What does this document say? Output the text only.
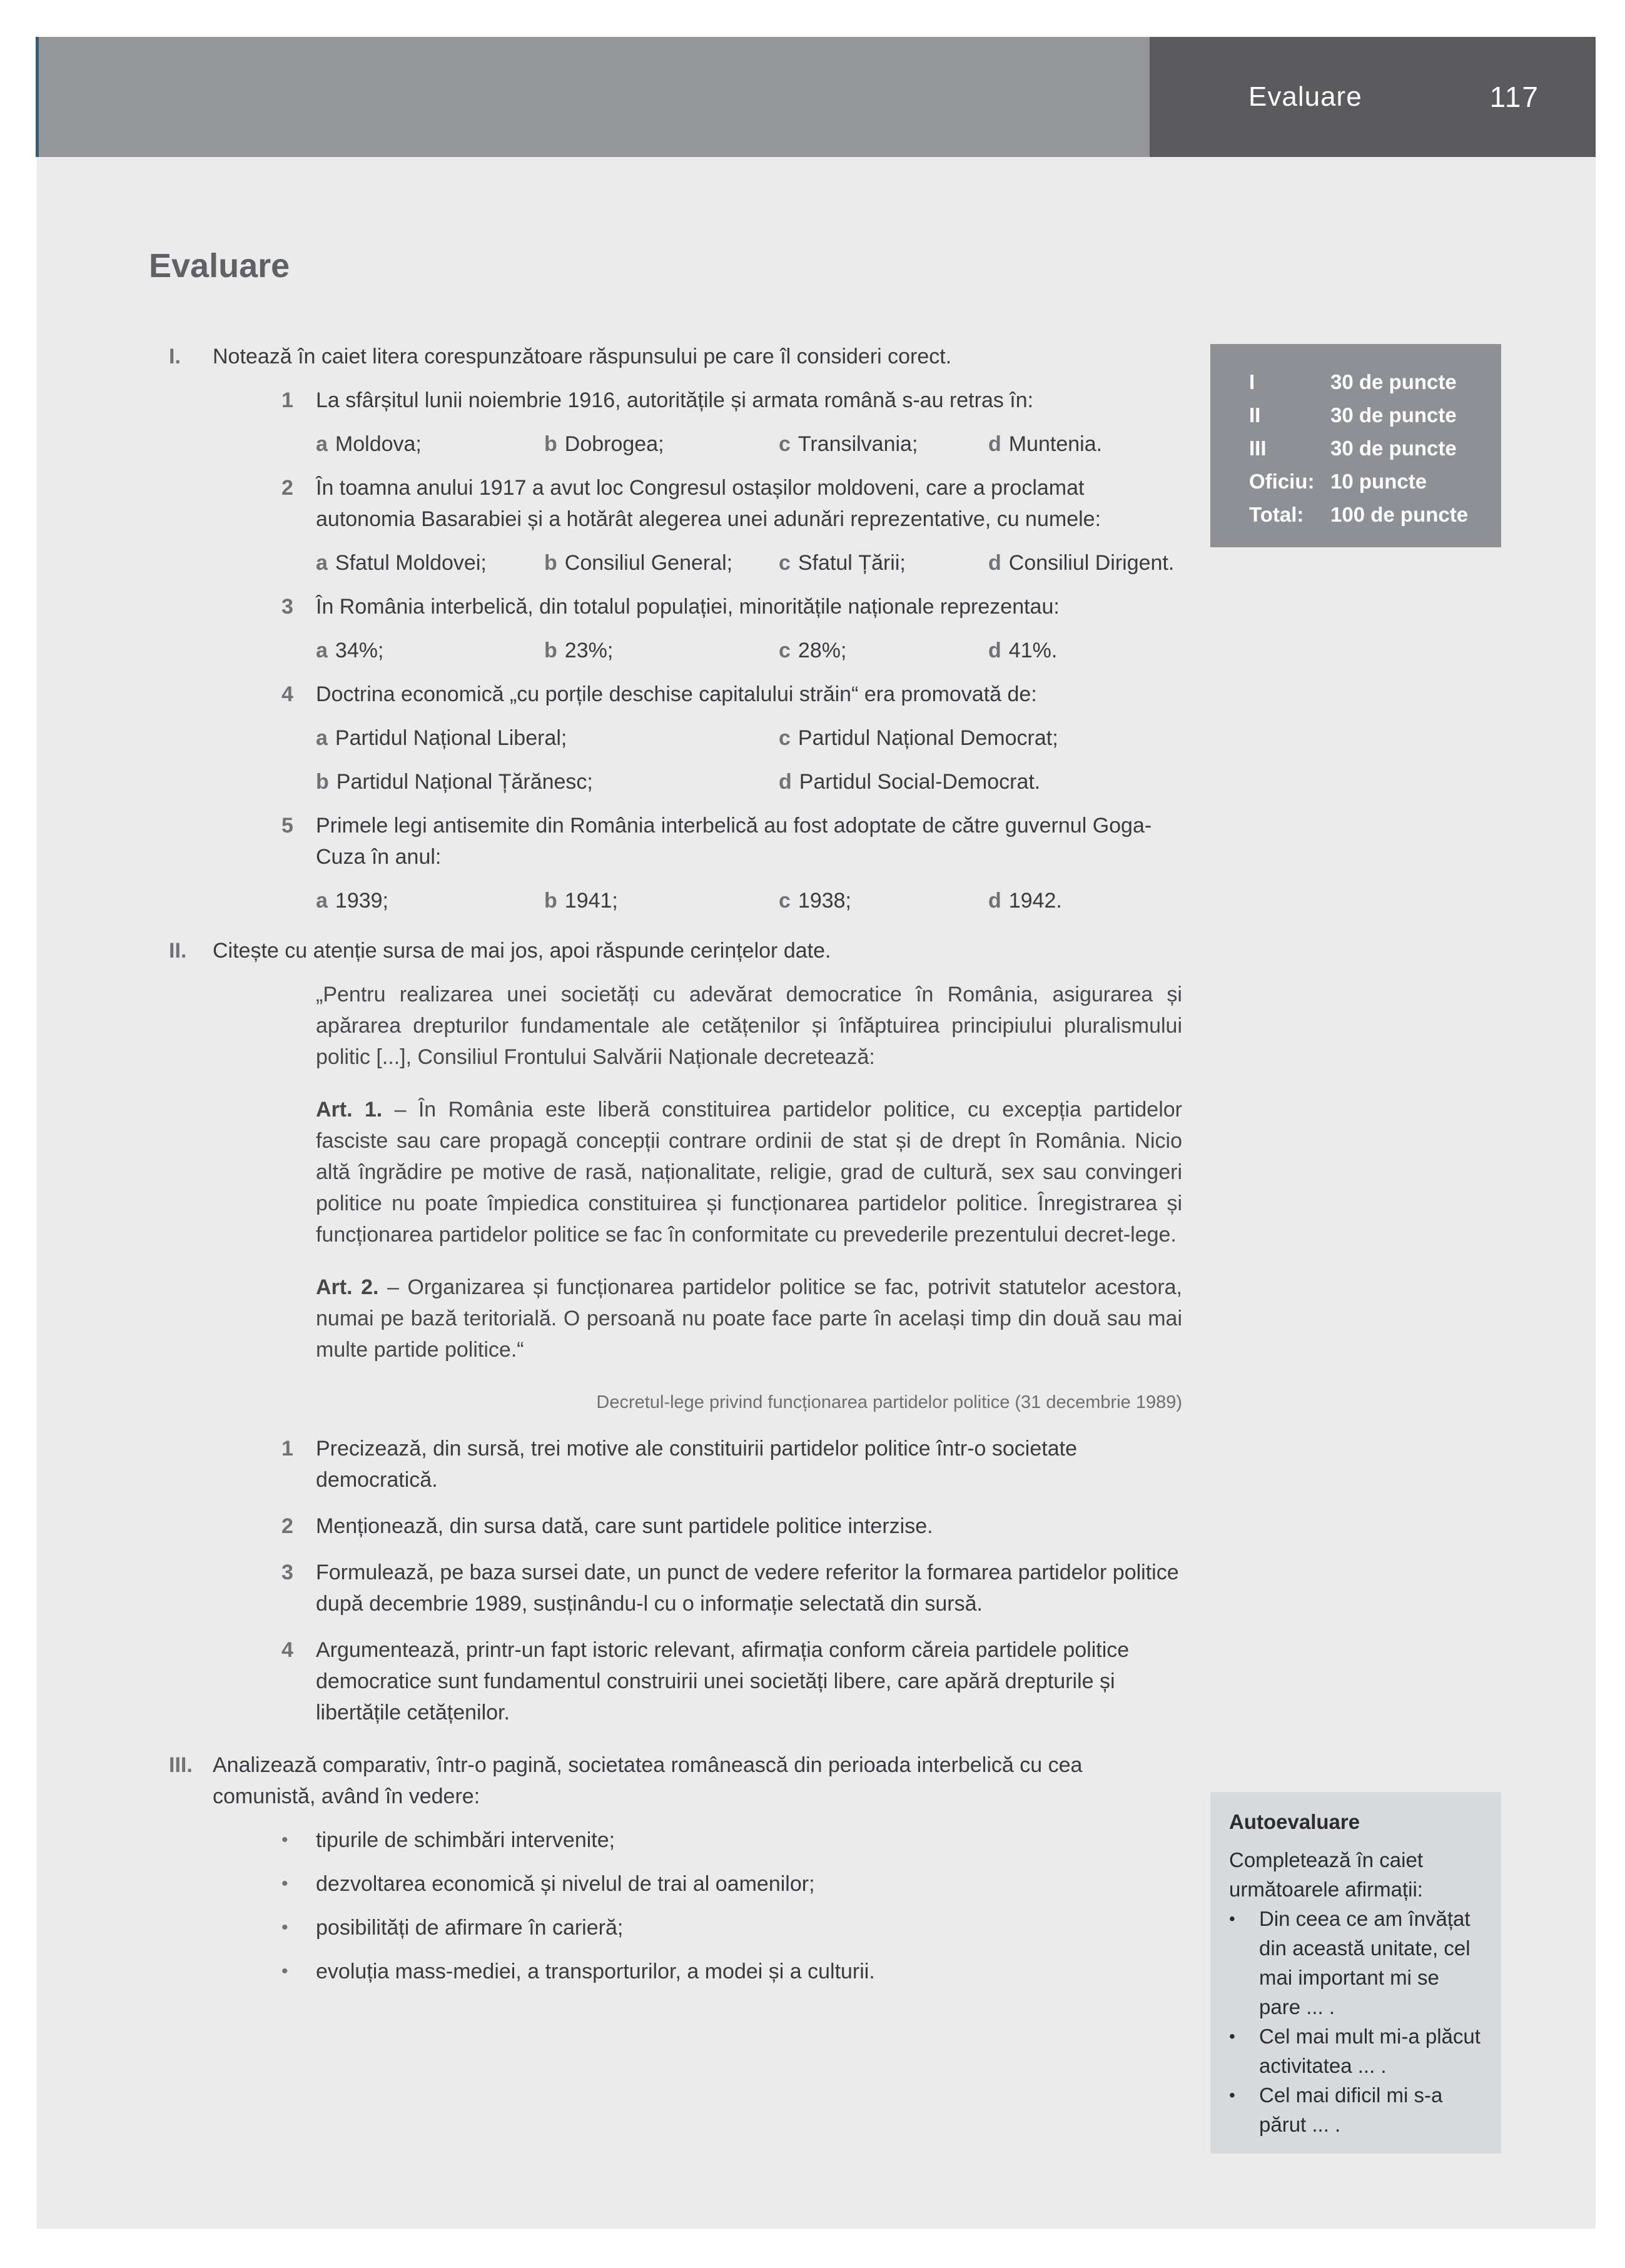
Evaluare	117
Evaluare
I	30 de puncte
II	30 de puncte
III	30 de puncte
Oficiu: 10 puncte
Total:	100 de puncte
I.	Notează în caiet litera corespunzătoare răspunsului pe care îl consideri corect.
1	La sfârșitul lunii noiembrie 1916, autoritățile și armata română s-au retras în:
a Moldova;	b Dobrogea;	c Transilvania;	d Muntenia.
2	În toamna anului 1917 a avut loc Congresul ostașilor moldoveni, care a proclamat autonomia Basarabiei și a hotărât alegerea unei adunări reprezentative, cu numele:
a Sfatul Moldovei;	b Consiliul General;	c Sfatul Țării;	d Consiliul Dirigent.
3	În România interbelică, din totalul populației, minoritățile naționale reprezentau:
a 34%;	b 23%;	c 28%;	d 41%.
4	Doctrina economică „cu porțile deschise capitalului străin“ era promovată de:
a Partidul Național Liberal;	c Partidul Național Democrat;
b Partidul Național Țărănesc;	d Partidul Social-Democrat.
5	Primele legi antisemite din România interbelică au fost adoptate de către guvernul Goga-Cuza în anul:
a 1939;	b 1941;	c 1938;	d 1942.
II.	Citește cu atenție sursa de mai jos, apoi răspunde cerințelor date.

„Pentru realizarea unei societăți cu adevărat democratice în România, asigurarea și apărarea drepturilor fundamentale ale cetățenilor și înfăptuirea principiului pluralismului politic [...], Consiliul Frontului Salvării Naționale decretează:

Art. 1. – În România este liberă constituirea partidelor politice, cu excepția partidelor fasciste sau care propagă concepții contrare ordinii de stat și de drept în România. Nicio altă îngrădire pe motive de rasă, naționalitate, religie, grad de cultură, sex sau convingeri politice nu poate împiedica constituirea și funcționarea partidelor politice. Înregistrarea și funcționarea partidelor politice se fac în conformitate cu prevederile prezentului decret-lege.

Art. 2. – Organizarea și funcționarea partidelor politice se fac, potrivit statutelor acestora, numai pe bază teritorială. O persoană nu poate face parte în același timp din două sau mai multe partide politice.“

Decretul-lege privind funcționarea partidelor politice (31 decembrie 1989)
1	Precizează, din sursă, trei motive ale constituirii partidelor politice într-o societate democratică.
2	Menționează, din sursa dată, care sunt partidele politice interzise.
3	Formulează, pe baza sursei date, un punct de vedere referitor la formarea partidelor politice după decembrie 1989, susținându-l cu o informație selectată din sursă.
4	Argumentează, printr-un fapt istoric relevant, afirmația conform căreia partidele politice democratice sunt fundamentul construirii unei societăți libere, care apără drepturile și libertățile cetățenilor.
III. Analizează comparativ, într-o pagină, societatea românească din perioada interbelică cu cea comunistă, având în vedere:
•	tipurile de schimbări intervenite;
•	dezvoltarea economică și nivelul de trai al oamenilor;
•	posibilități de afirmare în carieră;
•	evoluția mass-mediei, a transporturilor, a modei și a culturii.
Autoevaluare
Completează în caiet următoarele afirmații:
•	Din ceea ce am învățat din această unitate, cel mai important mi se pare ... .
•	Cel mai mult mi-a plăcut activitatea ... .
•	Cel mai dificil mi s-a părut ... .
